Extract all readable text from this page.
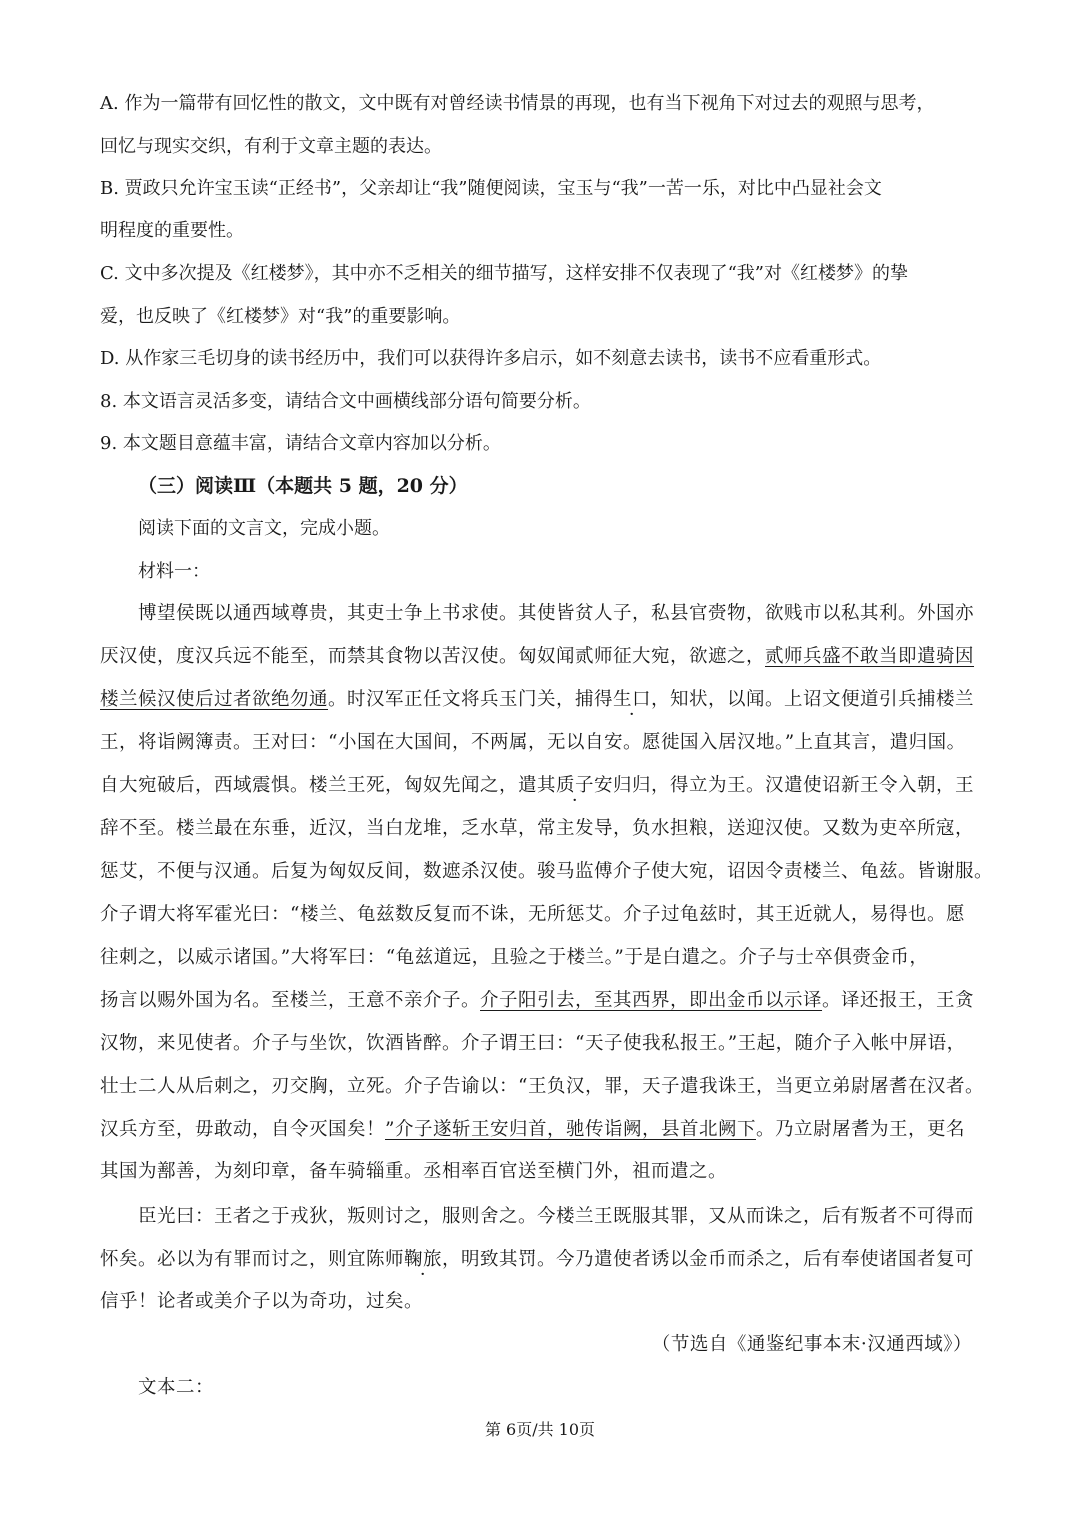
A. 作为一篇带有回忆性的散文，文中既有对曾经读书情景的再现，也有当下视角下对过去的观照与思考，
回忆与现实交织，有利于文章主题的表达。
B. 贾政只允许宝玉读“正经书”，父亲却让“我”随便阅读，宝玉与“我”一苦一乐，对比中凸显社会文
明程度的重要性。
C. 文中多次提及《红楼梦》，其中亦不乏相关的细节描写，这样安排不仅表现了“我”对《红楼梦》的挚
爱，也反映了《红楼梦》对“我”的重要影响。
D. 从作家三毛切身的读书经历中，我们可以获得许多启示，如不刻意去读书，读书不应看重形式。
8. 本文语言灵活多变，请结合文中画横线部分语句简要分析。
9. 本文题目意蕴丰富，请结合文章内容加以分析。
（三）阅读Ⅲ（本题共 5 题，20 分）
阅读下面的文言文，完成小题。
材料一：
博望侯既以通西域尊贵，其吏士争上书求使。其使皆贫人子，私县官赍物，欲贱市以私其利。外国亦
厌汉使，度汉兵远不能至，而禁其食物以苦汉使。匈奴闻贰师征大宛，欲遮之，贰师兵盛不敢当即遣骑因
楼兰候汉使后过者欲绝勿通。时汉军正任文将兵玉门关，捕得生口，知状，以闻。上诏文便道引兵捕楼兰
王，将诣阙簿责。王对曰：“小国在大国间，不两属，无以自安。愿徙国入居汉地。”上直其言，遣归国。
自大宛破后，西域震惧。楼兰王死，匈奴先闻之，遣其质子安归归，得立为王。汉遣使诏新王令入朝，王
辞不至。楼兰最在东垂，近汉，当白龙堆，乏水草，常主发导，负水担粮，送迎汉使。又数为吏卒所寇，
惩艾，不便与汉通。后复为匈奴反间，数遮杀汉使。骏马监傅介子使大宛，诏因令责楼兰、龟兹。皆谢服。
介子谓大将军霍光曰：“楼兰、龟兹数反复而不诛，无所惩艾。介子过龟兹时，其王近就人，易得也。愿
往刺之，以威示诸国。”大将军曰：“龟兹道远，且验之于楼兰。”于是白遣之。介子与士卒俱赍金币，
扬言以赐外国为名。至楼兰，王意不亲介子。介子阳引去，至其西界，即出金币以示译。译还报王，王贪
汉物，来见使者。介子与坐饮，饮酒皆醉。介子谓王曰：“天子使我私报王。”王起，随介子入帐中屏语，
壮士二人从后刺之，刃交胸，立死。介子告谕以：“王负汉，罪，天子遣我诛王，当更立弟尉屠耆在汉者。
汉兵方至，毋敢动，自令灭国矣！”介子遂斩王安归首，驰传诣阙，县首北阙下。乃立尉屠耆为王，更名
其国为鄯善，为刻印章，备车骑辎重。丞相率百官送至横门外，祖而遣之。
臣光曰：王者之于戎狄，叛则讨之，服则舍之。今楼兰王既服其罪，又从而诛之，后有叛者不可得而
怀矣。必以为有罪而讨之，则宜陈师鞠旅，明致其罚。今乃遣使者诱以金币而杀之，后有奉使诸国者复可
信乎！论者或美介子以为奇功，过矣。
（节选自《通鉴纪事本末·汉通西域》）
文本二：
第 6页/共 10页
